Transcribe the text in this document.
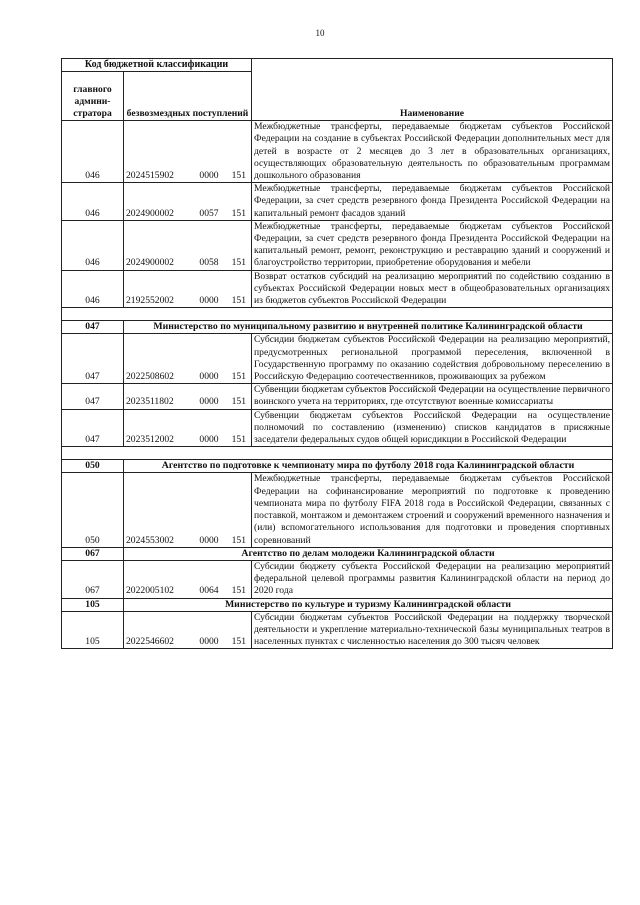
10
Код бюджетной классификации		Наименование
главного админи-стратора	безвозмездных поступлений	
046	2024515902 0000 151	Межбюджетные трансферты, передаваемые бюджетам субъектов Российской Федерации на создание в субъектах Российской Федерации дополнительных мест для детей в возрасте от 2 месяцев до 3 лет в образовательных организациях, осуществляющих образовательную деятельность по образовательным программам дошкольного образования
046	2024900002 0057 151	Межбюджетные трансферты, передаваемые бюджетам субъектов Российской Федерации, за счет средств резервного фонда Президента Российской Федерации на капитальный ремонт фасадов зданий
046	2024900002 0058 151	Межбюджетные трансферты, передаваемые бюджетам субъектов Российской Федерации, за счет средств резервного фонда Президента Российской Федерации на капитальный ремонт, ремонт, реконструкцию и реставрацию зданий и сооружений и благоустройство территории, приобретение оборудования и мебели
046	2192552002 0000 151	Возврат остатков субсидий на реализацию мероприятий по содействию созданию в субъектах Российской Федерации новых мест в общеобразовательных организациях из бюджетов субъектов Российской Федерации

047	Министерство по муниципальному развитию и внутренней политике Калининградской области	
047	2022508602 0000 151	Субсидии бюджетам субъектов Российской Федерации на реализацию мероприятий, предусмотренных региональной программой переселения, включенной в Государственную программу по оказанию содействия добровольному переселению в Российскую Федерацию соотечественников, проживающих за рубежом
047	2023511802 0000 151	Субвенции бюджетам субъектов Российской Федерации на осуществление первичного воинского учета на территориях, где отсутствуют военные комиссариаты
047	2023512002 0000 151	Субвенции бюджетам субъектов Российской Федерации на осуществление полномочий по составлению (изменению) списков кандидатов в присяжные заседатели федеральных судов общей юрисдикции в Российской Федерации

050	Агентство по подготовке к чемпионату мира по футболу 2018 года Калининградской области	
050	2024553002 0000 151	Межбюджетные трансферты, передаваемые бюджетам субъектов Российской Федерации на софинансирование мероприятий по подготовке к проведению чемпионата мира по футболу FIFA 2018 года в Российской Федерации, связанных с поставкой, монтажом и демонтажем строений и сооружений временного назначения и (или) вспомогательного использования для подготовки и проведения спортивных соревнований
067	Агентство по делам молодежи Калининградской области	
067	2022005102 0064 151	Субсидии бюджету субъекта Российской Федерации на реализацию мероприятий федеральной целевой программы развития Калининградской области на период до 2020 года
105	Министерство по культуре и туризму Калининградской области	
105	2022546602 0000 151	Субсидии бюджетам субъектов Российской Федерации на поддержку творческой деятельности и укрепление материально-технической базы муниципальных театров в населенных пунктах с численностью населения до 300 тысяч человек
